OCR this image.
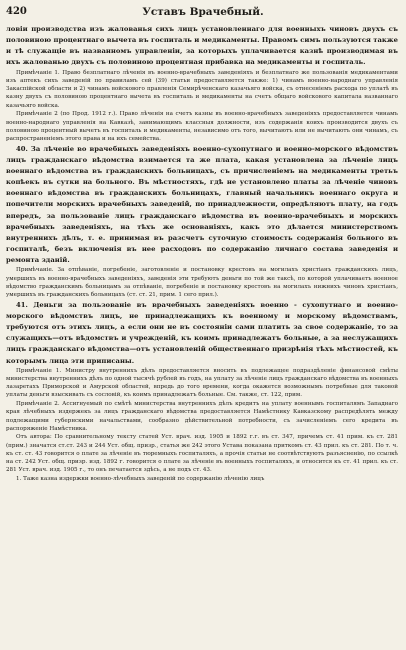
420	Уставъ Врачебный.

ловіи производства изъ жалованья сихъ лицъ установленнаго для военныхъ чиновъ двухъ съ половиною процентнаго вычета въ госпиталь и медикаменты. Правомъ симъ пользуются также и тѣ служащіе въ названномъ управленіи, за которыхъ уплачивается казнѣ производимая въ ихъ жалованью двухъ съ половиною процентная прибавка на медикаменты и госпиталь.

Примѣчаніе 1. Право безплатнаго лѣченія въ военно-врачебныхъ заведеніяхъ и безплатнаго же пользованія медикаментами изъ аптекъ сихъ заведеній по правиламъ сей (39) статьи предоставляется также: 1) чинамъ военно-народнаго управленія Закаспійской области и 2) чинамъ войскового правленія Семирѣченскаго казачьяго войска, съ отнесеніемъ расхода по уплатѣ въ казну двухъ съ половиною процентнаго вычета въ госпиталь и медикаменты на счетъ общаго войскового капитала названнаго казачьяго войска.

Примѣчаніе 2 (по Прод. 1912 г.). Право лѣченія на счетъ казны въ военно-врачебныхъ заведеніяхъ предоставляется чинамъ военно-народнаго управленія на Кавказѣ, занимающимъ классныя должности, изъ содержанія коихъ производится двухъ съ половиною процентный вычетъ въ госпиталь и медикаменты, независимо отъ того, вычитаютъ или не вычитаютъ они чинамъ, съ распространеніемъ этого права и на ихъ семейства.

40. За лѣченіе во врачебныхъ заведеніяхъ военно-сухопутнаго и военно-морского вѣдомствъ лицъ гражданскаго вѣдомства взимается та же плата, какая установлена за лѣченіе лицъ военнаго вѣдомства въ гражданскихъ больницахъ, съ причисленіемъ на медикаменты третьъ копѣекъ въ сутки на больного. Въ мѣстностяхъ, гдѣ не установлено платы за лѣченіе чиновъ военнаго вѣдомства въ гражданскихъ больницахъ, главный начальникъ военнаго округа и попечители морскихъ врачебныхъ заведеній, по принадлежности, опредѣляютъ плату, на годъ впередъ, за пользованіе лицъ гражданскаго вѣдомства въ военно-врачебныхъ и морскихъ врачебныхъ заведеніяхъ, на тѣхъ же основаніяхъ, какъ это дѣлается министерствомъ внутреннихъ дѣлъ, т. е. принимая въ разсчетъ суточную стоимость содержанія больного въ госпиталѣ, безъ включенія въ нее расходовъ по содержанію личнаго состава заведенія и ремонта зданій.

Примѣчаніе. За отпѣваніе, погребеніе, заготовленіе и постановку крестовъ на могилахъ христіанъ гражданскихъ лицъ, умершихъ въ военно-врачебныхъ заведеніяхъ, заведенія эти требуютъ деньги по той же таксѣ, по которой уплачиваетъ военное вѣдомство гражданскимъ больницамъ за отпѣваніе, погребеніе и постановку крестовъ на могилахъ нижнихъ чиновъ христіанъ, умершихъ въ гражданскихъ больницахъ (ст. ст. 21, прим. 1 сего прил.).

41. Деньги за пользованіе въ врачебныхъ заведеніяхъ военно - сухопутнаго и военно-морского вѣдомствъ лицъ, не принадлежащихъ къ военному и морскому вѣдомствамъ, требуются отъ этихъ лицъ, а если они не въ состояніи сами платить за свое содержаніе, то за служащихъ—отъ вѣдомствъ и учрежденій, къ коимъ принадлежатъ больные, а за неслужащихъ лицъ гражданскаго вѣдомства—отъ установленій общественнаго призрѣнія тѣхъ мѣстностей, къ которымъ лица эти приписаны.

Примѣчаніе 1. Министру внутреннихъ дѣлъ предоставляется вносить въ подлежащее подраздѣленіе финансовой смѣты министерства внутреннихъ дѣлъ по одной тысячѣ рублей въ годъ, на уплату за лѣченіе лицъ гражданскаго вѣдомства въ военныхъ лазаретахъ Приморской и Амурской областей, впредь до того времени, когда окажется возможнымъ потребные для таковой уплаты деньги взыскивать съ сословій, къ коимъ принадлежатъ больные. См. также, ст. 122, прим.

Примѣчаніе 2. Ассигнуемый по смѣтѣ министерства внутреннихъ дѣлъ кредитъ на уплату военнымъ госпиталямъ Западнаго края лѣчебныхъ издержекъ за лицъ гражданскаго вѣдомства предоставляется Намѣстнику Кавказскому распредѣлять между подлежащими губернскими начальствами, сообразно дѣйствительной потребности, съ зачисленіемъ сего кредита въ распоряженіе Намѣстника.

Отъ автора: По сравнительному тексту статей Уст. врач. изд. 1905 и 1892 г.г. въ ст. 347, причемъ ст. 41 прим. къ ст. 281 (прим.) значатся ст.ст. 243 и 244 Уст. общ. призр., статья же 242 этого Устава показана приткомъ ст. 43 прил. къ ст. 281. По т. ч. къ ст. ст. 43 говорится о плате за лѣченіе въ тюремныхъ госпиталяхъ, а прочія статьи не соотвѣтствуютъ разъясненію, по ссылкѣ на ст. 242 Уст. общ. призр. изд. 1892 г. говорится о плате за лѣченіе въ военныхъ госпиталяхъ, и относится къ ст. 41 прил. къ ст. 281 Уст. врач. изд. 1905 г., то онъ печатается здѣсь, а не подъ ст. 43.

1. Таже казна издержки военно-лѣчебныхъ заведеній по содержанію лѣченію лицъ
